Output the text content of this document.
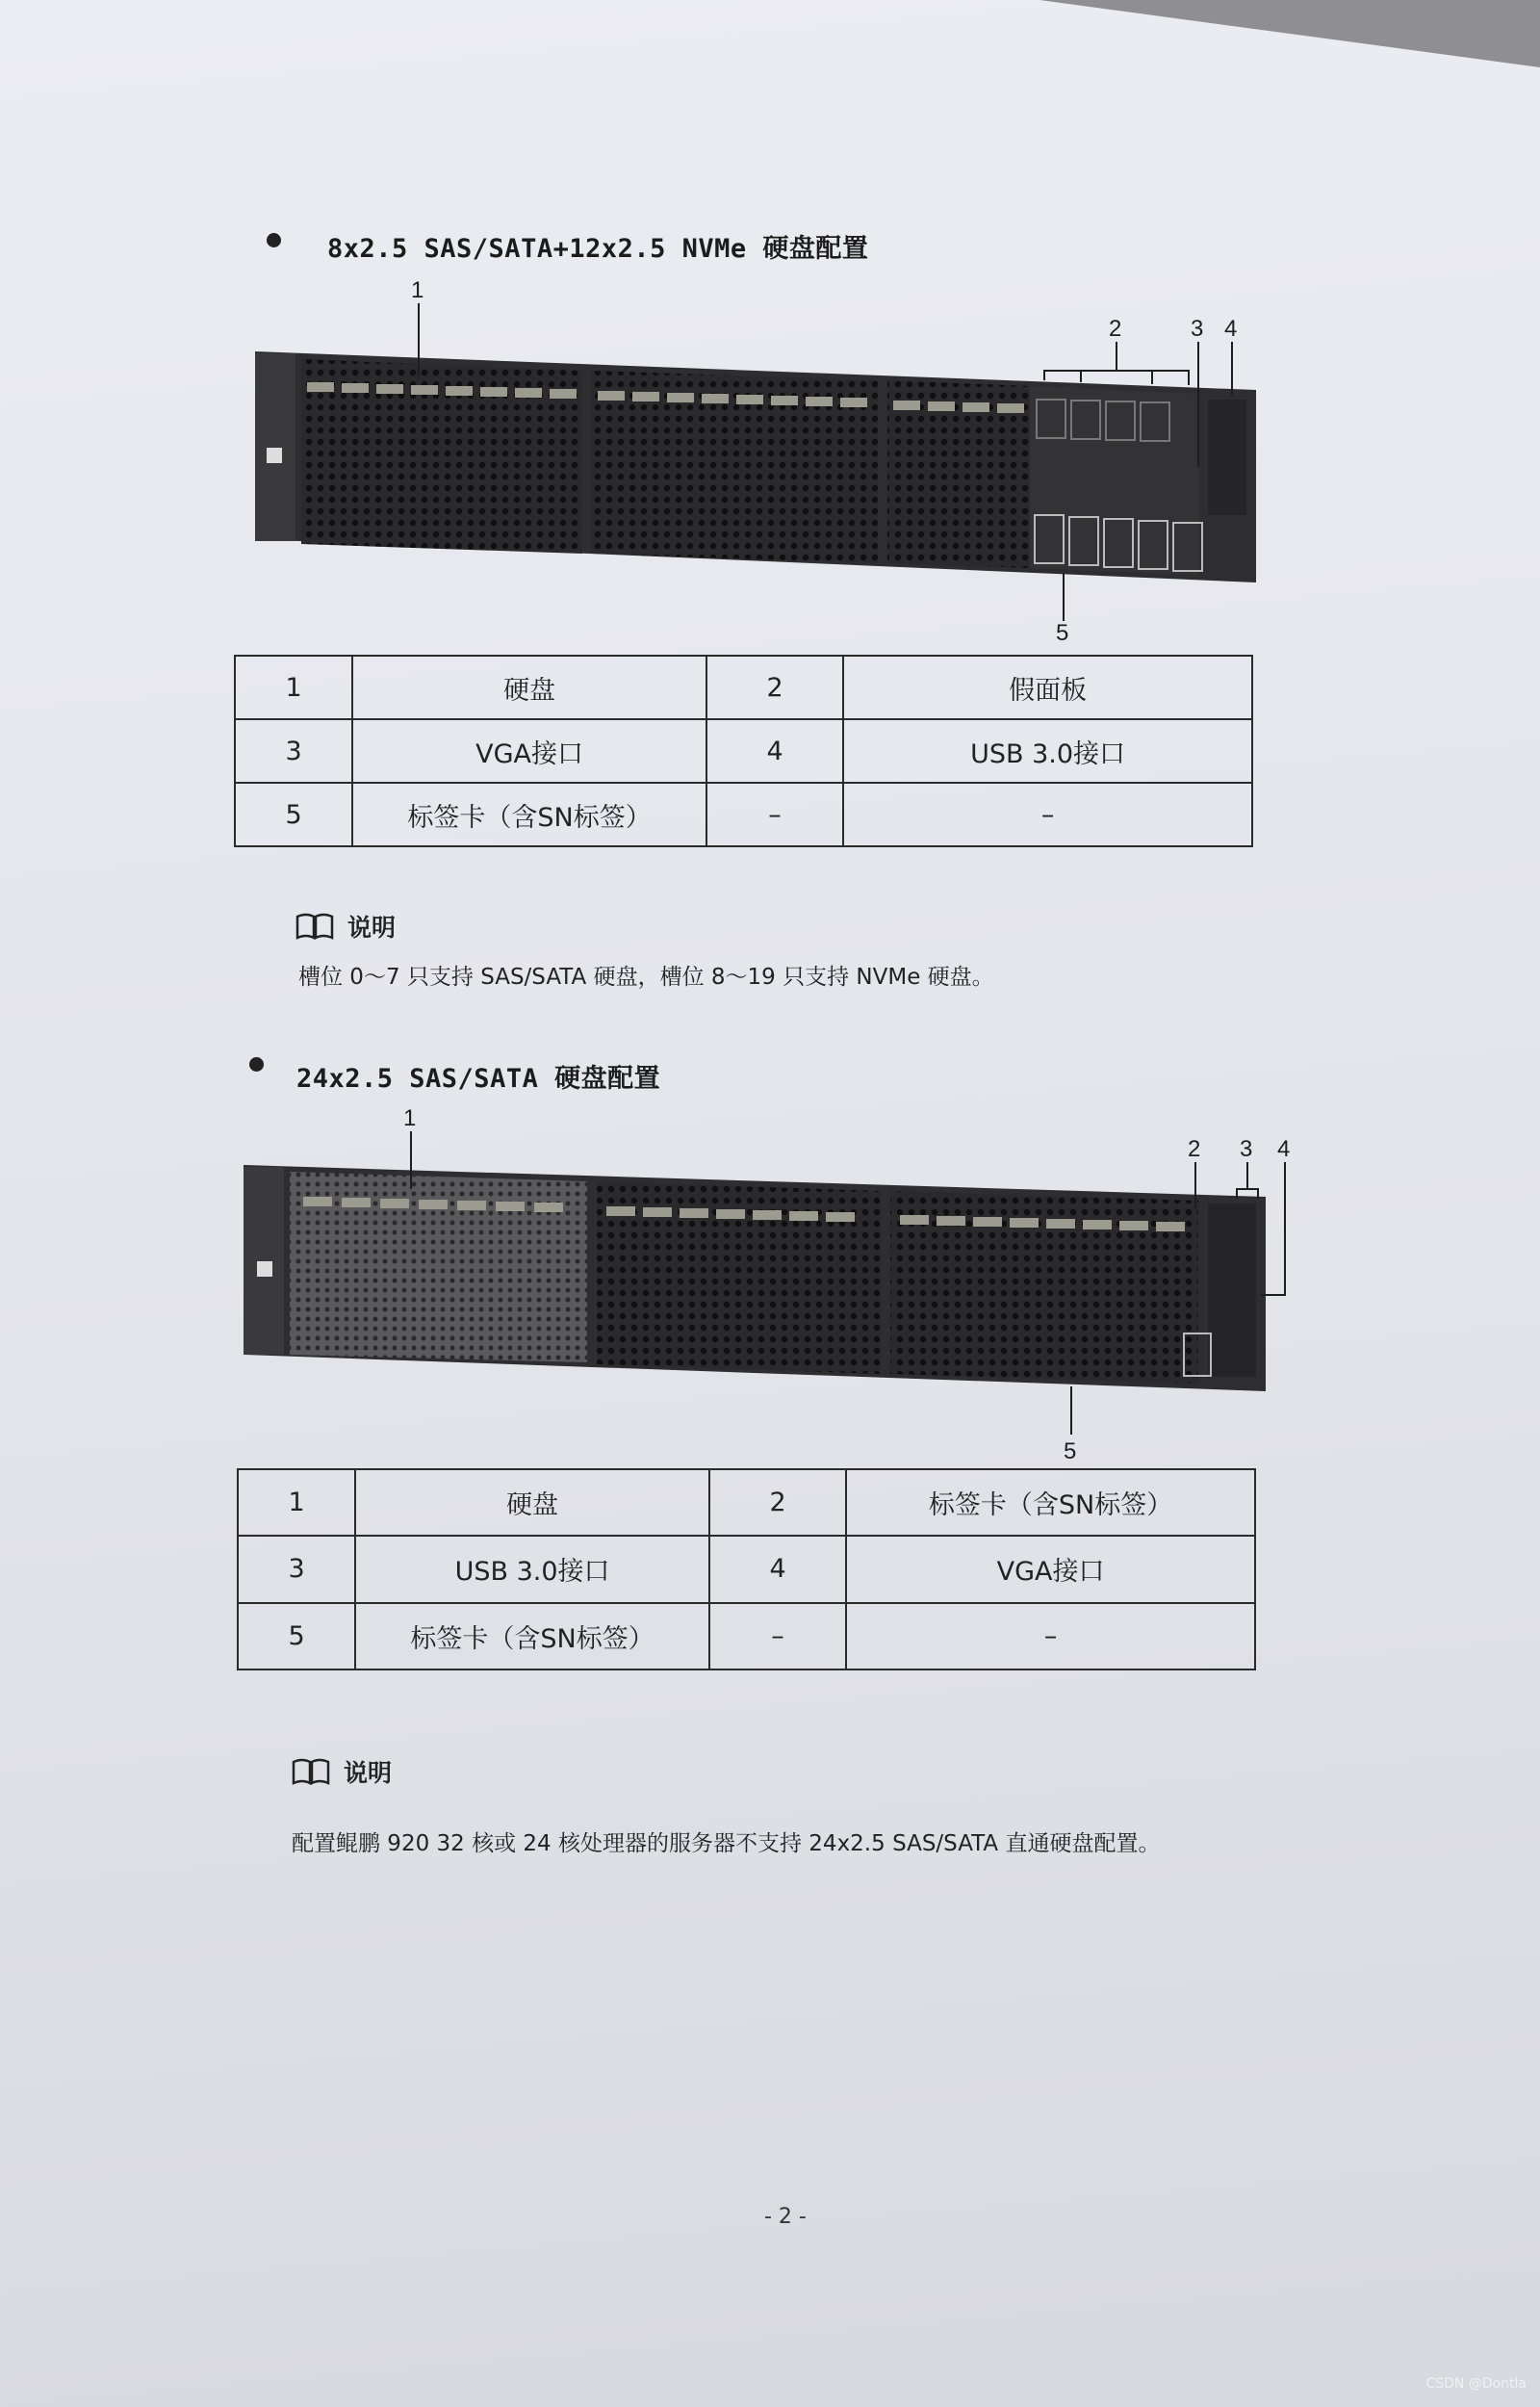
8x2.5 SAS/SATA+12x2.5 NVMe 硬盘配置
1
2	3 4
5
1	硬盘	2	假面板
3	VGA接口	4	USB 3.0接口
5	标签卡（含SN标签）	–	–
说明
槽位 0～7 只支持 SAS/SATA 硬盘，槽位 8～19 只支持 NVMe 硬盘。
24x2.5 SAS/SATA 硬盘配置
1
2 3 4
5
1	硬盘	2	标签卡（含SN标签）
3	USB 3.0接口	4	VGA接口
5	标签卡（含SN标签）	–	–
说明
配置鲲鹏 920 32 核或 24 核处理器的服务器不支持 24x2.5 SAS/SATA 直通硬盘配置。
- 2 -
CSDN @Dontla
